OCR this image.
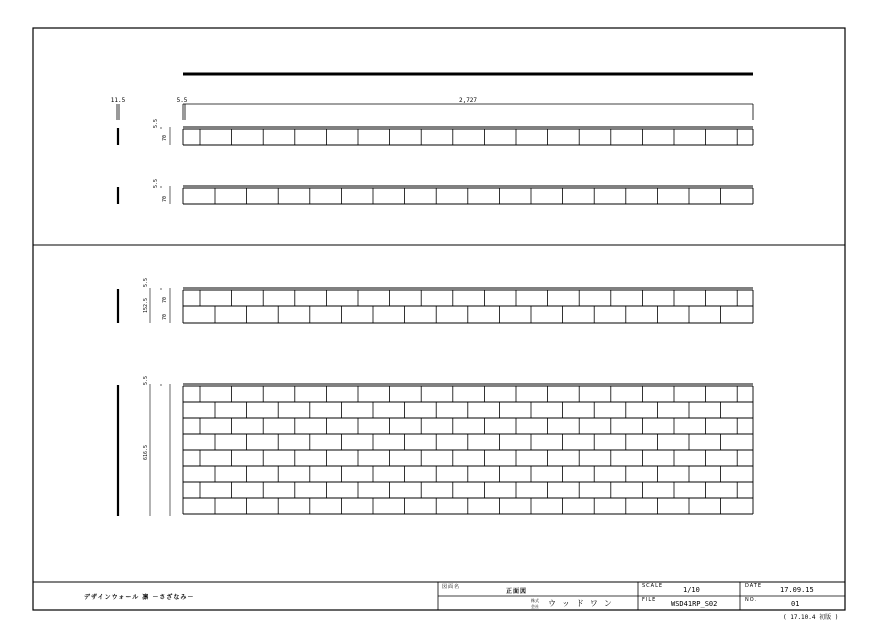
11.5	5.5	2,727
5.5
70
5.5
70
5.5
152.5	70
70
5.5
616.5
デザインウォール 凛 －さざなみ－
図面名
正面図
株式会社 ウッドワン
SCALE	1/10	DATE	17.09.15
FILE WSD41RP_S02	NO.	01
( 17.10.4 初版 )
